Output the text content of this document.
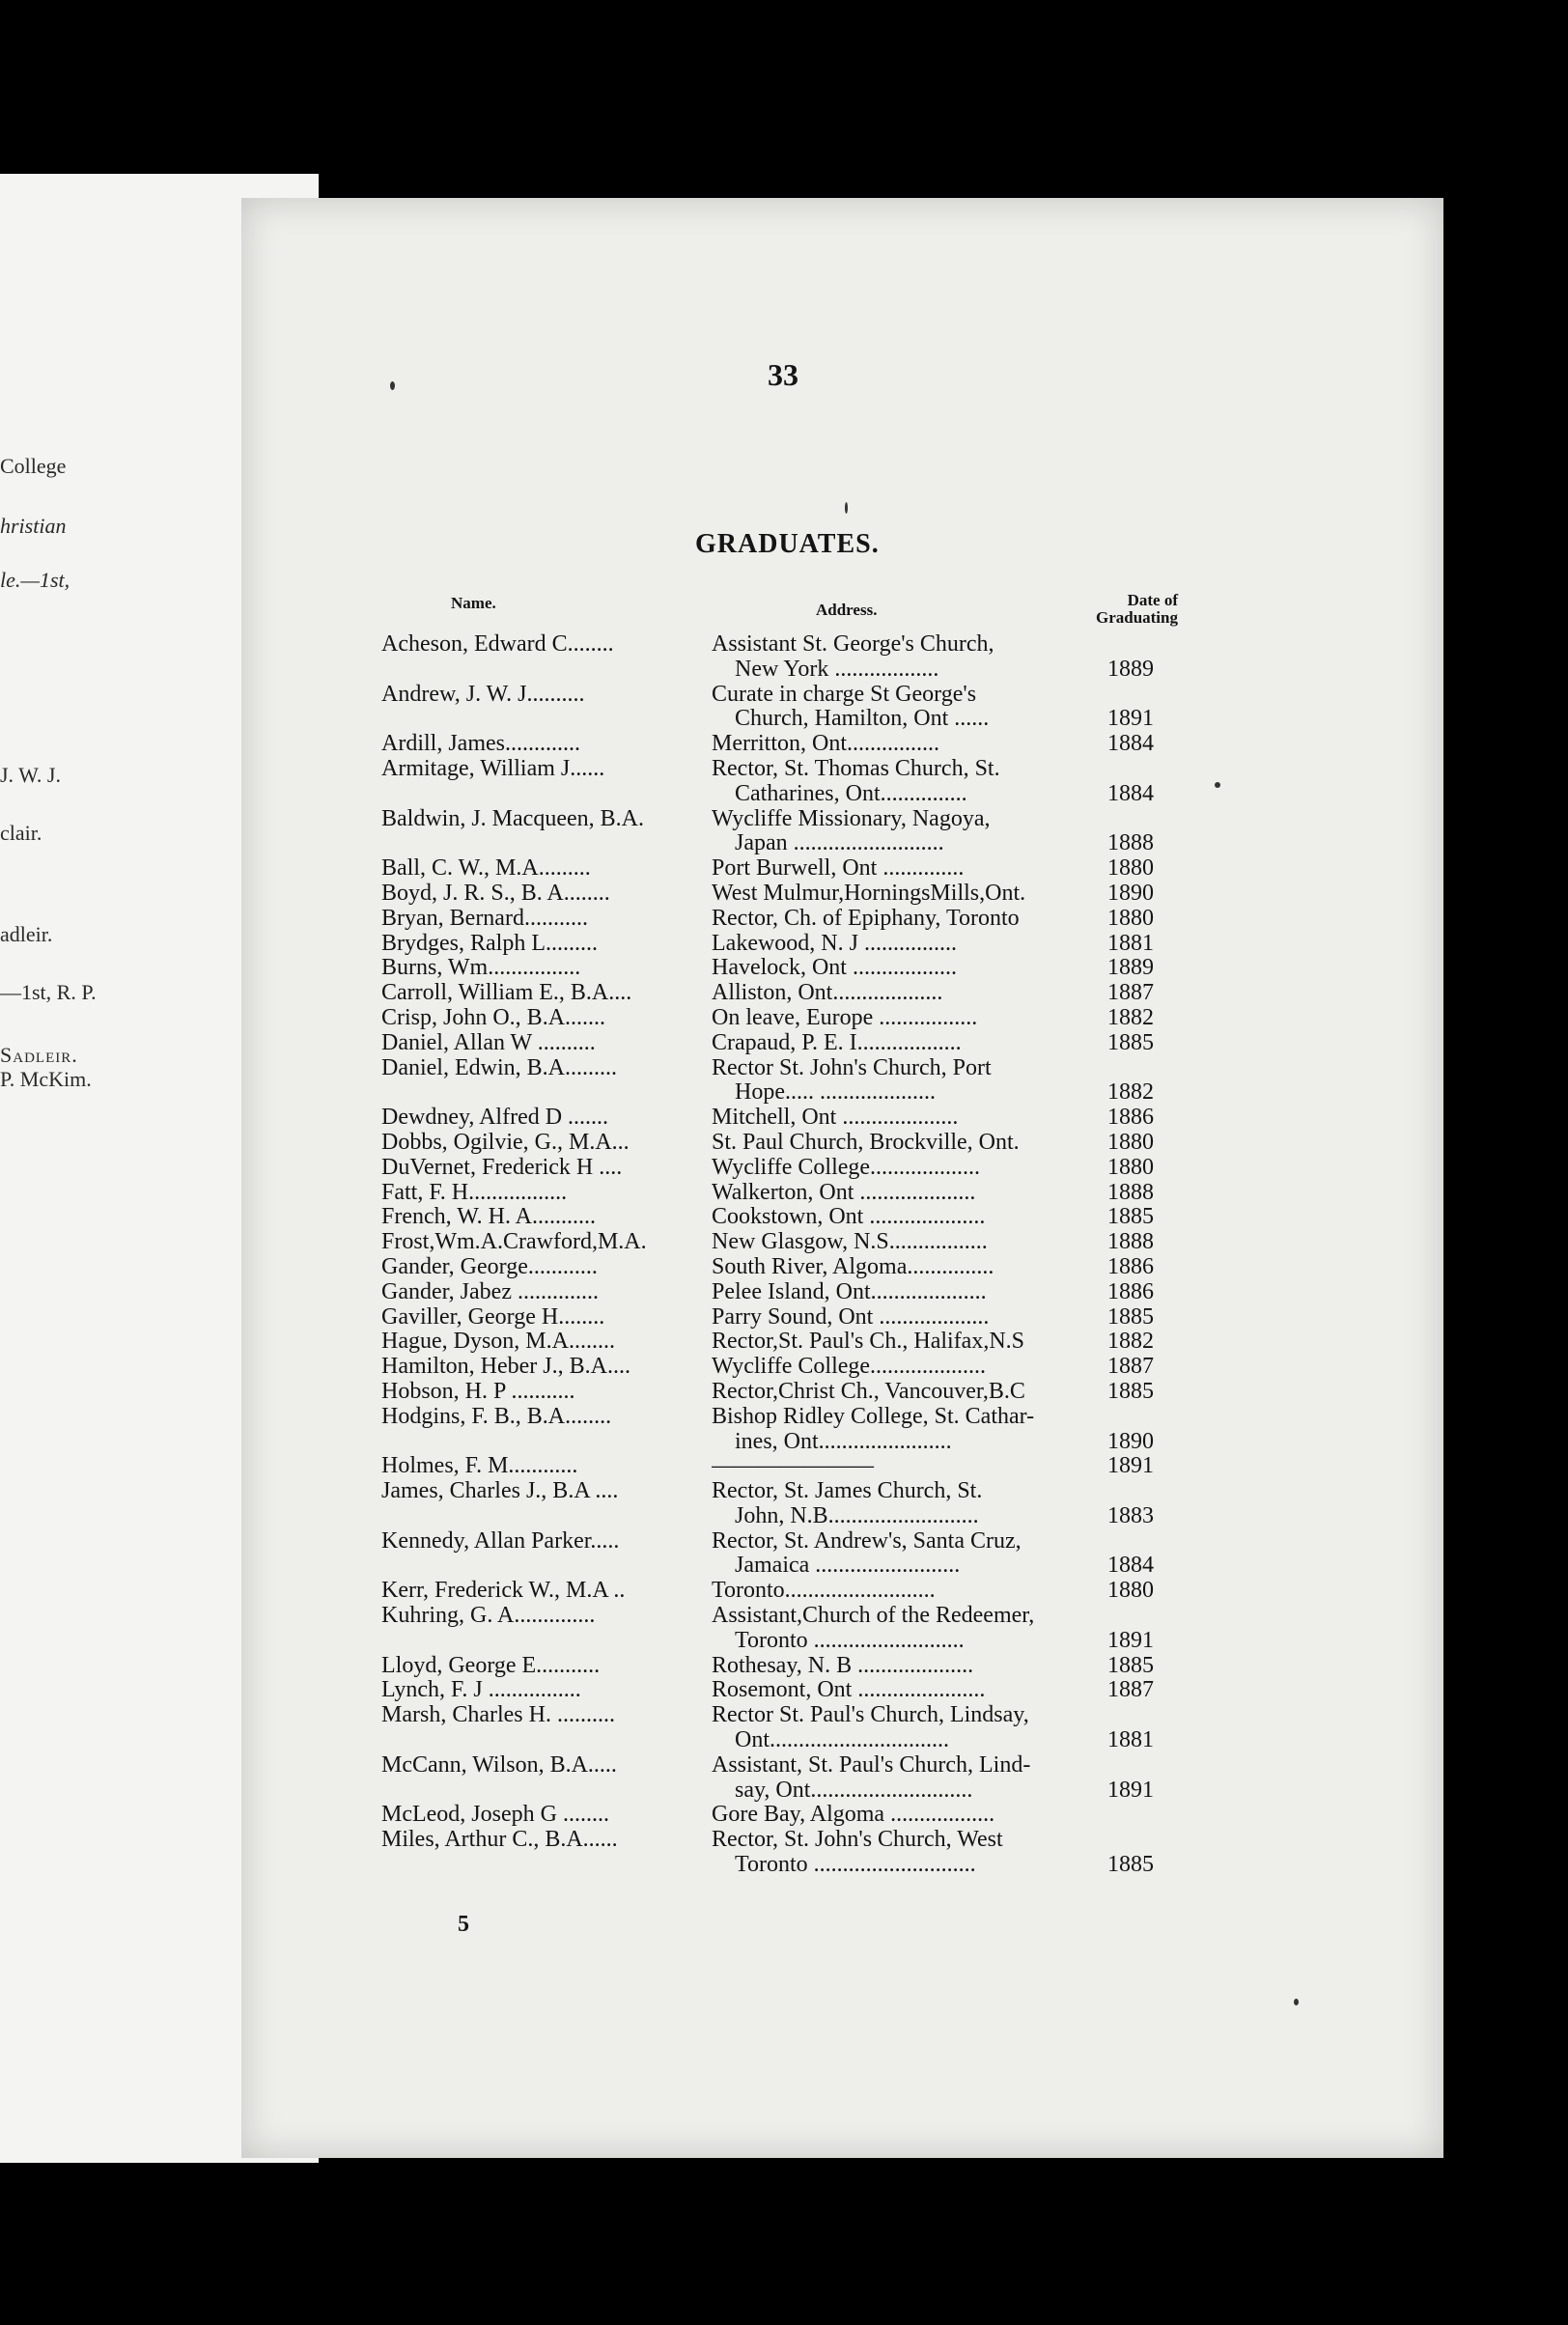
College
hristian
le.—1st,
J. W. J.
clair.
adleir.
—1st, R. P.
Sadleir.
P. McKim.
33
GRADUATES.
Name.	Address.
Date of
Graduating
Acheson, Edward C........	Assistant St. George's Church,
New York ..................	1889
Andrew, J. W. J..........	Curate in charge St George's
Church, Hamilton, Ont ......	1891
Ardill, James.............	Merritton, Ont................	1884
Armitage, William J......	Rector, St. Thomas Church, St.
Catharines, Ont...............	1884
Baldwin, J. Macqueen, B.A.	Wycliffe Missionary, Nagoya,
Japan ..........................	1888
Ball, C. W., M.A.........	Port Burwell, Ont ..............	1880
Boyd, J. R. S., B. A........	West Mulmur,HorningsMills,Ont.	1890
Bryan, Bernard...........	Rector, Ch. of Epiphany, Toronto	1880
Brydges, Ralph L.........	Lakewood, N. J ................	1881
Burns, Wm................	Havelock, Ont ..................	1889
Carroll, William E., B.A....	Alliston, Ont...................	1887
Crisp, John O., B.A.......	On leave, Europe .................	1882
Daniel, Allan W ..........	Crapaud, P. E. I..................	1885
Daniel, Edwin, B.A.........	Rector St. John's Church, Port
Hope..... ....................	1882
Dewdney, Alfred D .......	Mitchell, Ont ....................	1886
Dobbs, Ogilvie, G., M.A...	St. Paul Church, Brockville, Ont.	1880
DuVernet, Frederick H ....	Wycliffe College...................	1880
Fatt, F. H.................	Walkerton, Ont ....................	1888
French, W. H. A...........	Cookstown, Ont ....................	1885
Frost,Wm.A.Crawford,M.A.	New Glasgow, N.S.................	1888
Gander, George............	South River, Algoma...............	1886
Gander, Jabez ..............	Pelee Island, Ont....................	1886
Gaviller, George H........	Parry Sound, Ont ...................	1885
Hague, Dyson, M.A........	Rector,St. Paul's Ch., Halifax,N.S	1882
Hamilton, Heber J., B.A....	Wycliffe College....................	1887
Hobson, H. P ...........	Rector,Christ Ch., Vancouver,B.C	1885
Hodgins, F. B., B.A........	Bishop Ridley College, St. Cathar-
ines, Ont.......................	1890
Holmes, F. M............	———————	1891
James, Charles J., B.A ....	Rector, St. James Church, St.
John, N.B..........................	1883
Kennedy, Allan Parker.....	Rector, St. Andrew's, Santa Cruz,
Jamaica .........................	1884
Kerr, Frederick W., M.A ..	Toronto..........................	1880
Kuhring, G. A..............	Assistant,Church of the Redeemer,
Toronto ..........................	1891
Lloyd, George E...........	Rothesay, N. B ....................	1885
Lynch, F. J ................	Rosemont, Ont ......................	1887
Marsh, Charles H. ..........	Rector St. Paul's Church, Lindsay,
Ont...............................	1881
McCann, Wilson, B.A.....	Assistant, St. Paul's Church, Lind-
say, Ont............................	1891
McLeod, Joseph G ........	Gore Bay, Algoma ..................
Miles, Arthur C., B.A......	Rector, St. John's Church, West
Toronto ............................	1885
5
